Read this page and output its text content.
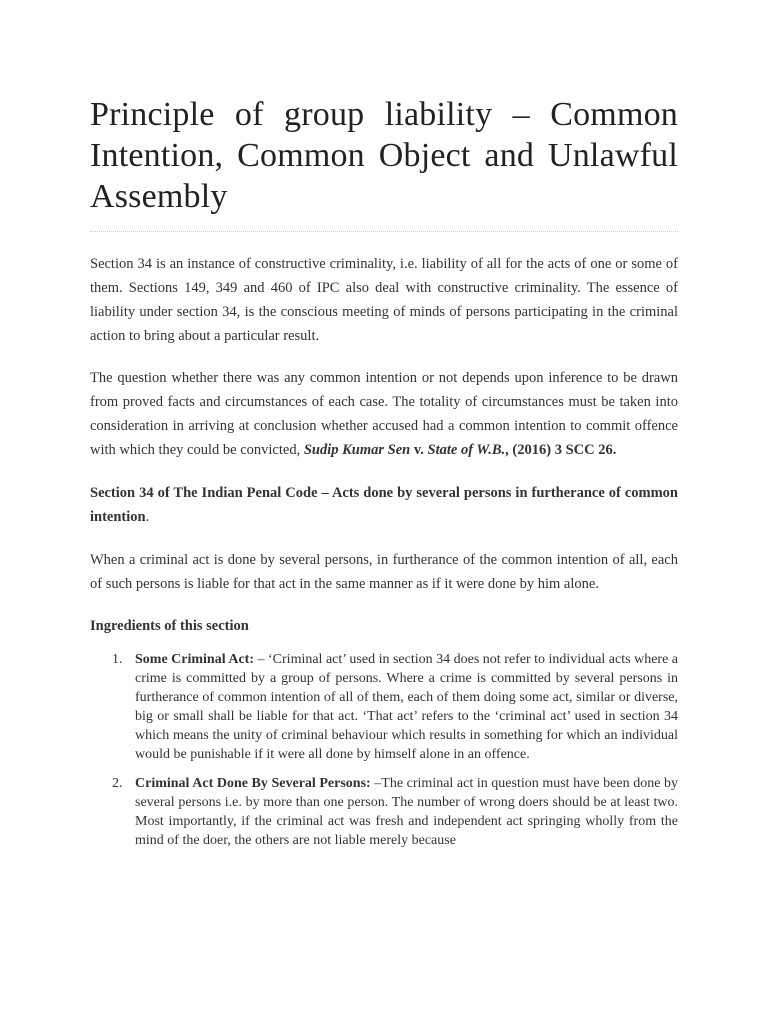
Principle of group liability – Common Intention, Common Object and Unlawful Assembly

Section 34 is an instance of constructive criminality, i.e. liability of all for the acts of one or some of them. Sections 149, 349 and 460 of IPC also deal with constructive criminality. The essence of liability under section 34, is the conscious meeting of minds of persons participating in the criminal action to bring about a particular result.

The question whether there was any common intention or not depends upon inference to be drawn from proved facts and circumstances of each case. The totality of circumstances must be taken into consideration in arriving at conclusion whether accused had a common intention to commit offence with which they could be convicted, Sudip Kumar Sen v. State of W.B., (2016) 3 SCC 26.

Section 34 of The Indian Penal Code – Acts done by several persons in furtherance of common intention.

When a criminal act is done by several persons, in furtherance of the common intention of all, each of such persons is liable for that act in the same manner as if it were done by him alone.

Ingredients of this section
1. Some Criminal Act: – ‘Criminal act’ used in section 34 does not refer to individual acts where a crime is committed by a group of persons. Where a crime is committed by several persons in furtherance of common intention of all of them, each of them doing some act, similar or diverse, big or small shall be liable for that act. ‘That act’ refers to the ‘criminal act’ used in section 34 which means the unity of criminal behaviour which results in something for which an individual would be punishable if it were all done by himself alone in an offence.
2. Criminal Act Done By Several Persons: –The criminal act in question must have been done by several persons i.e. by more than one person. The number of wrong doers should be at least two. Most importantly, if the criminal act was fresh and independent act springing wholly from the mind of the doer, the others are not liable merely because
